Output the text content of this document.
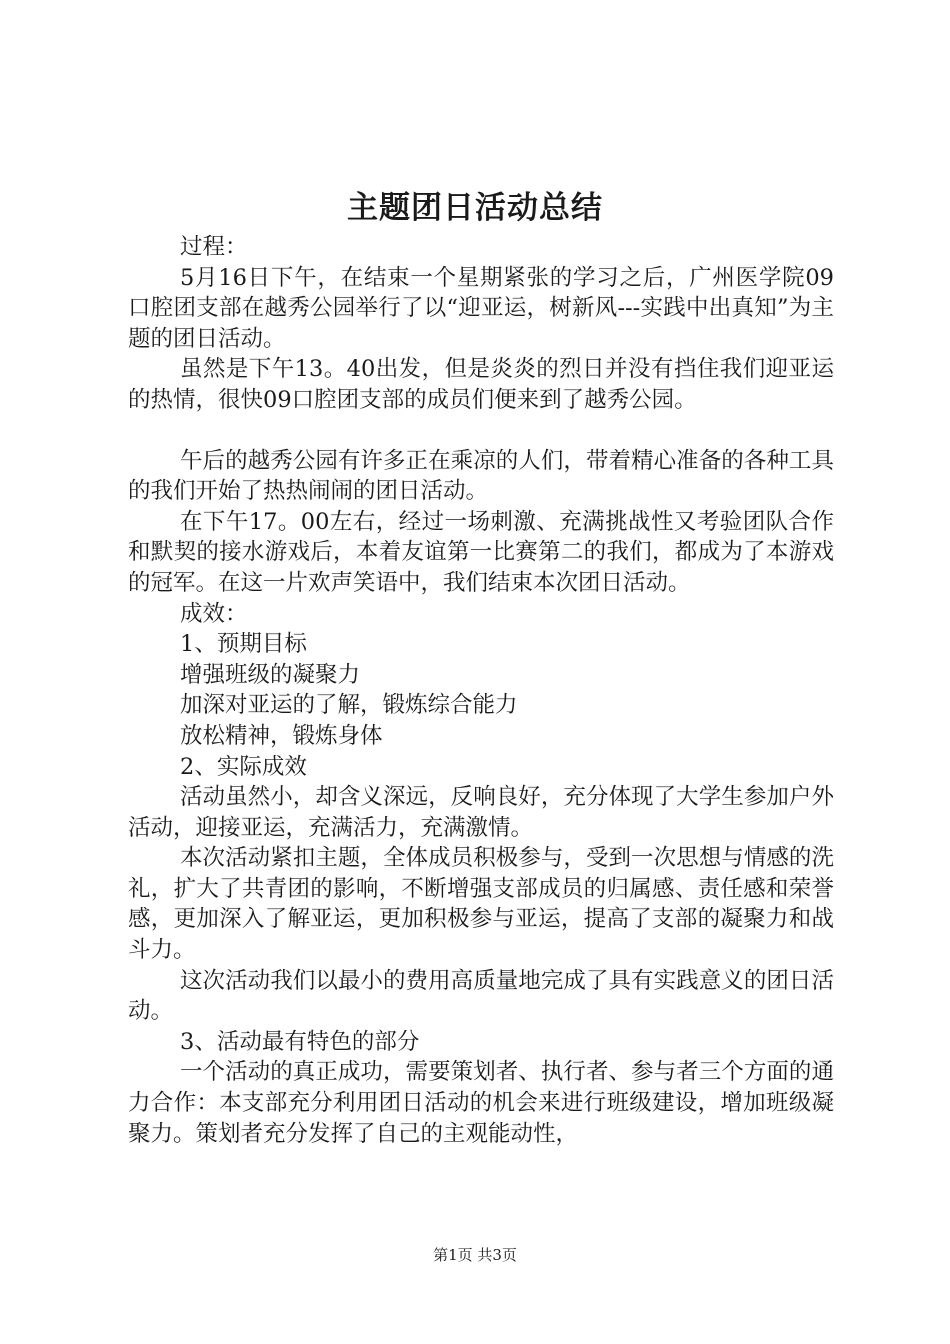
主题团日活动总结

过程：

5月16日下午，在结束一个星期紧张的学习之后，广州医学院09口腔团支部在越秀公园举行了以“迎亚运，树新风---实践中出真知”为主题的团日活动。

虽然是下午13。40出发，但是炎炎的烈日并没有挡住我们迎亚运的热情，很快09口腔团支部的成员们便来到了越秀公园。

午后的越秀公园有许多正在乘凉的人们，带着精心准备的各种工具的我们开始了热热闹闹的团日活动。

在下午17。00左右，经过一场刺激、充满挑战性又考验团队合作和默契的接水游戏后，本着友谊第一比赛第二的我们，都成为了本游戏的冠军。在这一片欢声笑语中，我们结束本次团日活动。

成效：

1、预期目标

增强班级的凝聚力

加深对亚运的了解，锻炼综合能力

放松精神，锻炼身体

2、实际成效

活动虽然小，却含义深远，反响良好，充分体现了大学生参加户外活动，迎接亚运，充满活力，充满激情。

本次活动紧扣主题，全体成员积极参与，受到一次思想与情感的洗礼，扩大了共青团的影响，不断增强支部成员的归属感、责任感和荣誉感，更加深入了解亚运，更加积极参与亚运，提高了支部的凝聚力和战斗力。

这次活动我们以最小的费用高质量地完成了具有实践意义的团日活动。

3、活动最有特色的部分

一个活动的真正成功，需要策划者、执行者、参与者三个方面的通力合作：本支部充分利用团日活动的机会来进行班级建设，增加班级凝聚力。策划者充分发挥了自己的主观能动性，

第1页 共3页
